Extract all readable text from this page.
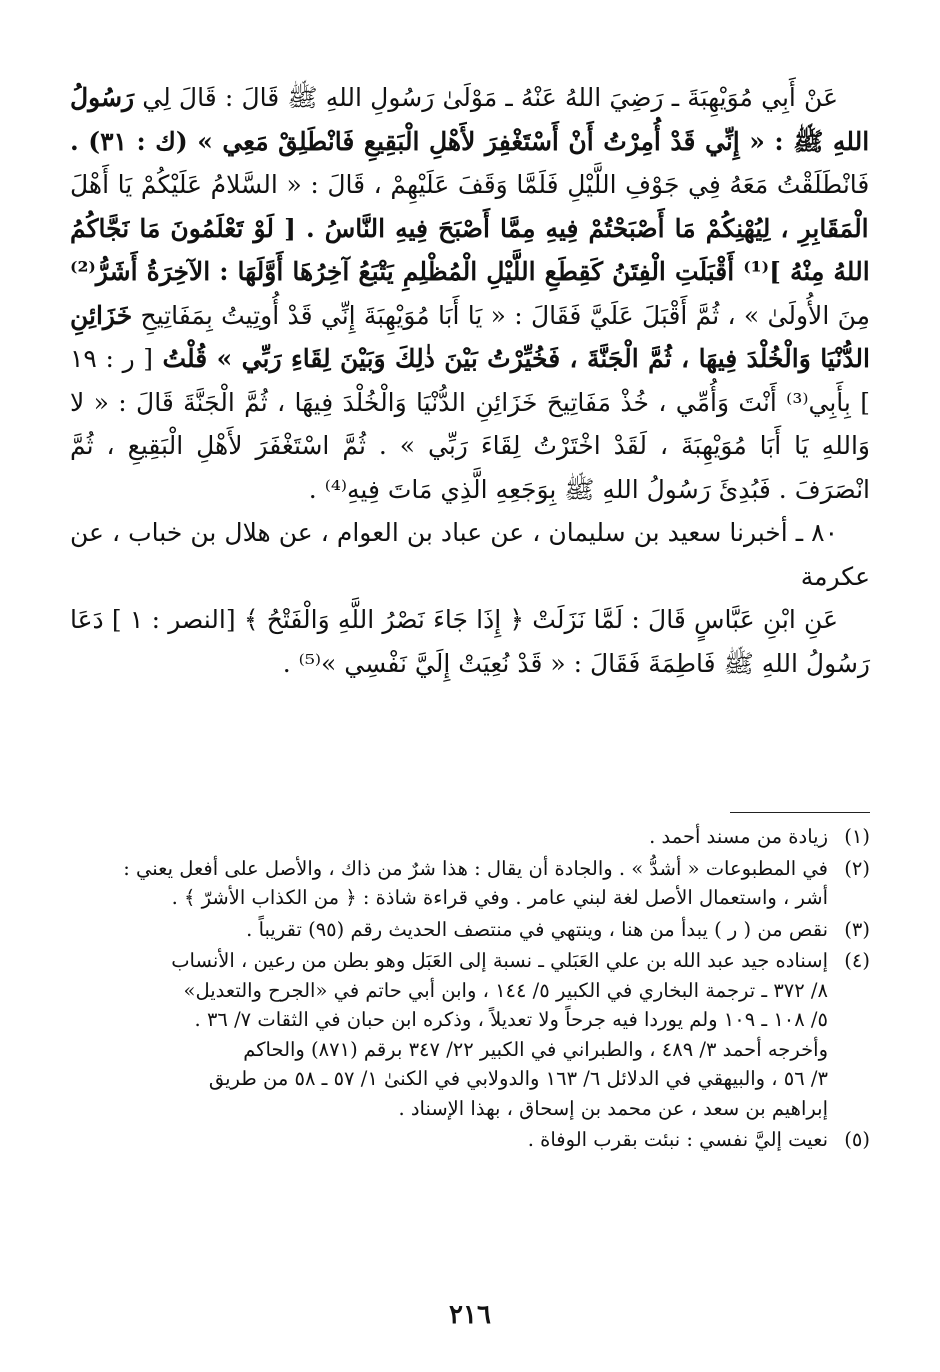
عَنْ أَبِي مُوَيْهِبَةَ ـ رَضِيَ اللهُ عَنْهُ ـ مَوْلَىٰ رَسُولِ اللهِ ﷺ قَالَ : قَالَ لِي رَسُولُ اللهِ ﷺ : « إِنِّي قَدْ أُمِرْتُ أَنْ أَسْتَغْفِرَ لأَهْلِ الْبَقِيعِ فَانْطَلِقْ مَعِي » (ك : ٣١) . فَانْطَلَقْتُ مَعَهُ فِي جَوْفِ اللَّيْلِ فَلَمَّا وَقَفَ عَلَيْهِمْ ، قَالَ : « السَّلامُ عَلَيْكُمْ يَا أَهْلَ الْمَقَابِرِ ، لِيُهْنِكُمْ مَا أَصْبَحْتُمْ فِيهِ مِمَّا أَصْبَحَ فِيهِ النَّاسُ . [ لَوْ تَعْلَمُونَ مَا نَجَّاكُمُ اللهُ مِنْهُ ]⁽¹⁾ أَقْبَلَتِ الْفِتَنُ كَقِطَعِ اللَّيْلِ الْمُظْلِمِ يَتْبَعُ آخِرُهَا أَوَّلَهَا : الآخِرَةُ أَشَرُّ⁽²⁾ مِنَ الأُولَىٰ » ، ثُمَّ أَقْبَلَ عَلَيَّ فَقَالَ : « يَا أَبَا مُوَيْهِبَةَ إِنِّي قَدْ أُوتِيتُ بِمَفَاتِيحِ خَزَائِنِ الدُّنْيَا وَالْخُلْدَ فِيهَا ، ثُمَّ الْجَنَّةَ ، فَخُيِّرْتُ بَيْنَ ذٰلِكَ وَبَيْنَ لِقَاءِ رَبِّي » قُلْتُ [ ر : ١٩ ] بِأَبِي⁽³⁾ أَنْتَ وَأُمِّي ، خُذْ مَفَاتِيحَ خَزَائِنِ الدُّنْيَا وَالْخُلْدَ فِيهَا ، ثُمَّ الْجَنَّةَ قَالَ : « لا وَاللهِ يَا أَبَا مُوَيْهِبَةَ ، لَقَدْ اخْتَرْتُ لِقَاءَ رَبِّي » . ثُمَّ اسْتَغْفَرَ لأَهْلِ الْبَقِيعِ ، ثُمَّ انْصَرَفَ . فَبُدِئَ رَسُولُ اللهِ ﷺ بِوَجَعِهِ الَّذِي مَاتَ فِيهِ⁽⁴⁾ .

٨٠ ـ أخبرنا سعيد بن سليمان ، عن عباد بن العوام ، عن هلال بن خباب ، عن عكرمة

عَنِ ابْنِ عَبَّاسٍ قَالَ : لَمَّا نَزَلَتْ ﴿ إِذَا جَاءَ نَصْرُ اللَّهِ وَالْفَتْحُ ﴾ [النصر : ١ ] دَعَا رَسُولُ اللهِ ﷺ فَاطِمَةَ فَقَالَ : « قَدْ نُعِيَتْ إِلَيَّ نَفْسِي »⁽⁵⁾ .

(١)
زيادة من مسند أحمد .
(٢)
في المطبوعات « أشدُّ » . والجادة أن يقال : هذا شرٌ من ذاك ، والأصل على أفعل يعني :
أشر ، واستعمال الأصل لغة لبني عامر . وفي قراءة شاذة : ﴿ من الكذاب الأشرّ ﴾ .
(٣)
نقص من ( ر ) يبدأ من هنا ، وينتهي في منتصف الحديث رقم (٩٥) تقريباً .
(٤)
إسناده جيد عبد الله بن علي العَبَلي ـ نسبة إلى العَبَل وهو بطن من رعين ، الأنساب
٨/ ٣٧٢ ـ ترجمة البخاري في الكبير ٥/ ١٤٤ ، وابن أبي حاتم في «الجرح والتعديل»
٥/ ١٠٨ ـ ١٠٩ ولم يوردا فيه جرحاً ولا تعديلاً ، وذكره ابن حبان في الثقات ٧/ ٣٦ .
وأخرجه أحمد ٣/ ٤٨٩ ، والطبراني في الكبير ٢٢/ ٣٤٧ برقم (٨٧١) والحاكم
٣/ ٥٦ ، والبيهقي في الدلائل ٦/ ١٦٣ والدولابي في الكنىٰ ١/ ٥٧ ـ ٥٨ من طريق
إبراهيم بن سعد ، عن محمد بن إسحاق ، بهذا الإسناد .
(٥)
نعيت إليَّ نفسي : نبئت بقرب الوفاة .
٢١٦
